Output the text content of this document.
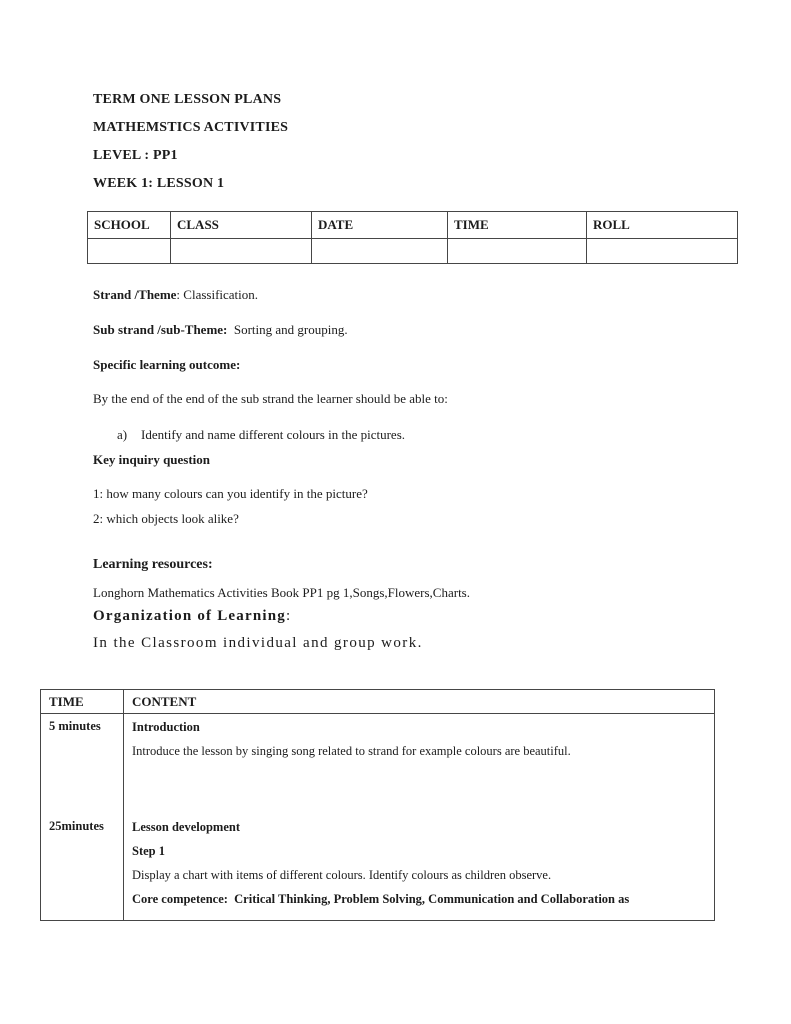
TERM ONE LESSON PLANS

MATHEMSTICS ACTIVITIES

LEVEL : PP1

WEEK 1: LESSON 1

SCHOOL	CLASS	DATE	TIME	ROLL

Strand /Theme: Classification.

Sub strand /sub-Theme:  Sorting and grouping.

Specific learning outcome:

By the end of the end of the sub strand the learner should be able to:

a)	Identify and name different colours in the pictures.

Key inquiry question

1: how many colours can you identify in the picture?

2: which objects look alike?

Learning resources:

Longhorn Mathematics Activities Book PP1 pg 1,Songs,Flowers,Charts.

Organization of Learning:

In the Classroom individual and group work.

TIME	CONTENT
5 minutes	Introduction

Introduce the lesson by singing song related to strand for example colours are beautiful.

25minutes	Lesson development

Step 1

Display a chart with items of different colours. Identify colours as children observe.

Core competence:  Critical Thinking, Problem Solving, Communication and Collaboration as
